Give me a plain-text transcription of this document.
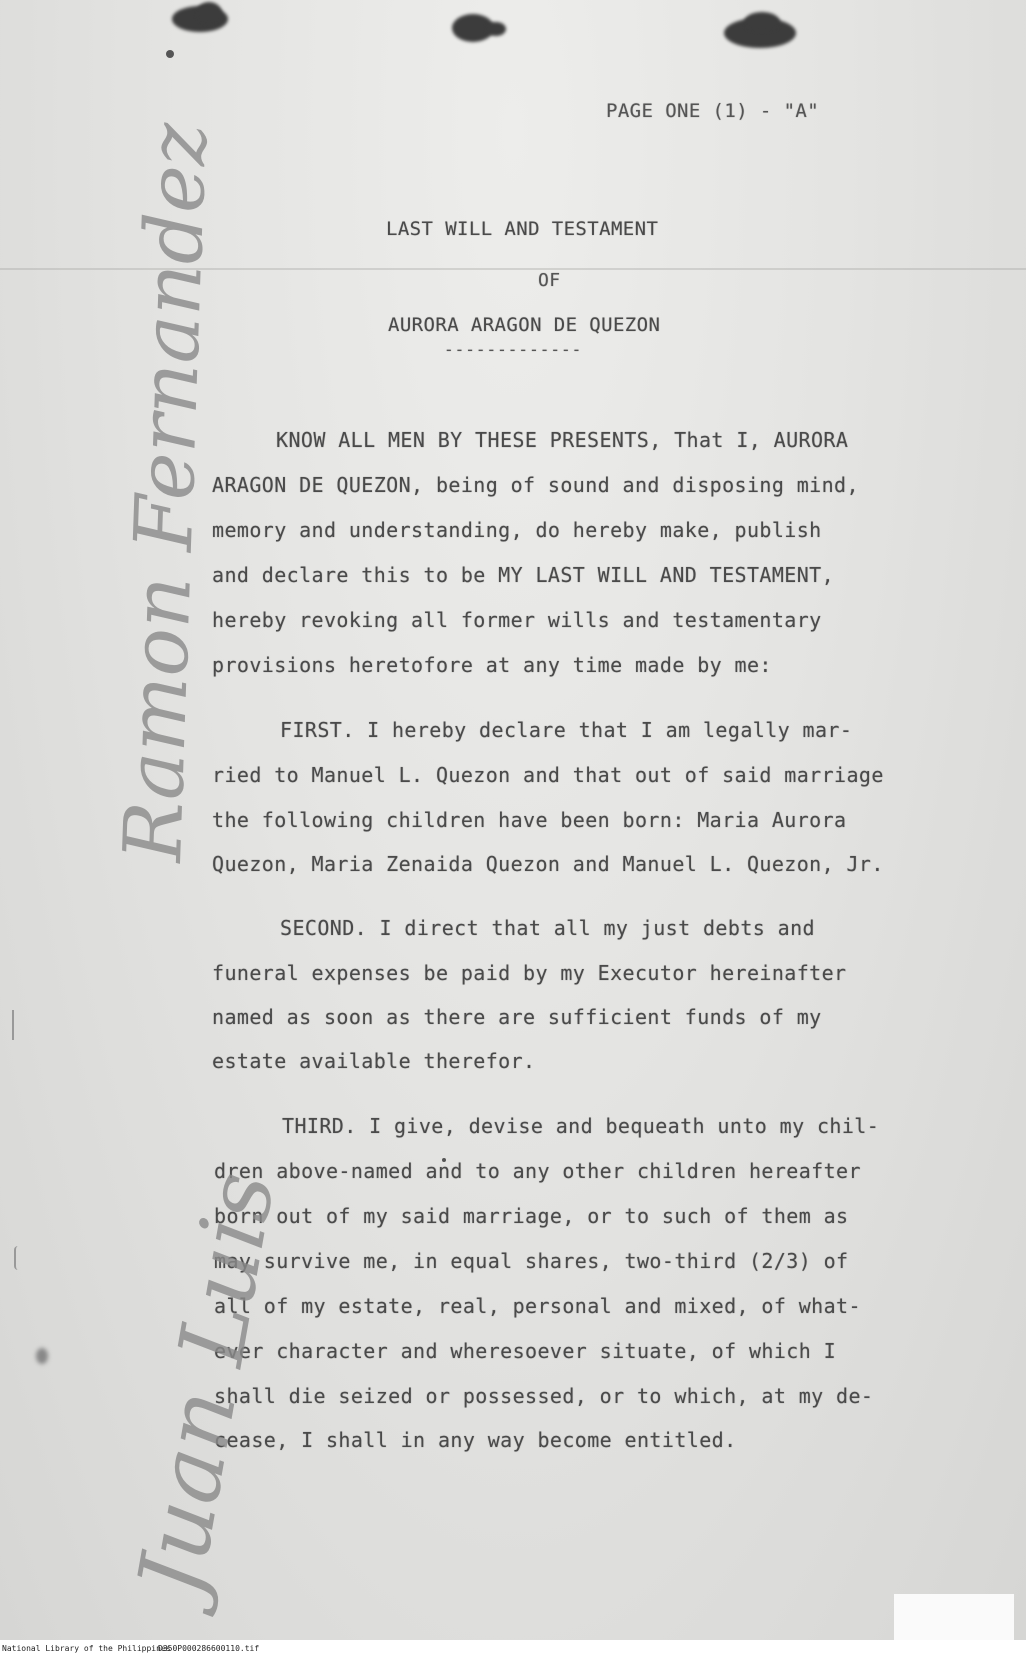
PAGE ONE (1) - "A"
LAST WILL AND TESTAMENT
OF
AURORA ARAGON DE QUEZON
-------------
KNOW ALL MEN BY THESE PRESENTS, That I, AURORA
ARAGON DE QUEZON, being of sound and disposing mind,
memory and understanding, do hereby make, publish
and declare this to be MY LAST WILL AND TESTAMENT,
hereby revoking all former wills and testamentary
provisions heretofore at any time made by me:
FIRST. I hereby declare that I am legally mar-
ried to Manuel L. Quezon and that out of said marriage
the following children have been born: Maria Aurora
Quezon, Maria Zenaida Quezon and Manuel L. Quezon, Jr.
SECOND. I direct that all my just debts and
funeral expenses be paid by my Executor hereinafter
named as soon as there are sufficient funds of my
estate available therefor.
THIRD. I give, devise and bequeath unto my chil-
dren above-named and to any other children hereafter
born out of my said marriage, or to such of them as
may survive me, in equal shares, two-third (2/3) of
all of my estate, real, personal and mixed, of what-
ever character and wheresoever situate, of which I
shall die seized or possessed, or to which, at my de-
cease, I shall in any way become entitled.
Ramon Fernandez
Juan Luis
National Library of the Philippines
D350P000286600110.tif
